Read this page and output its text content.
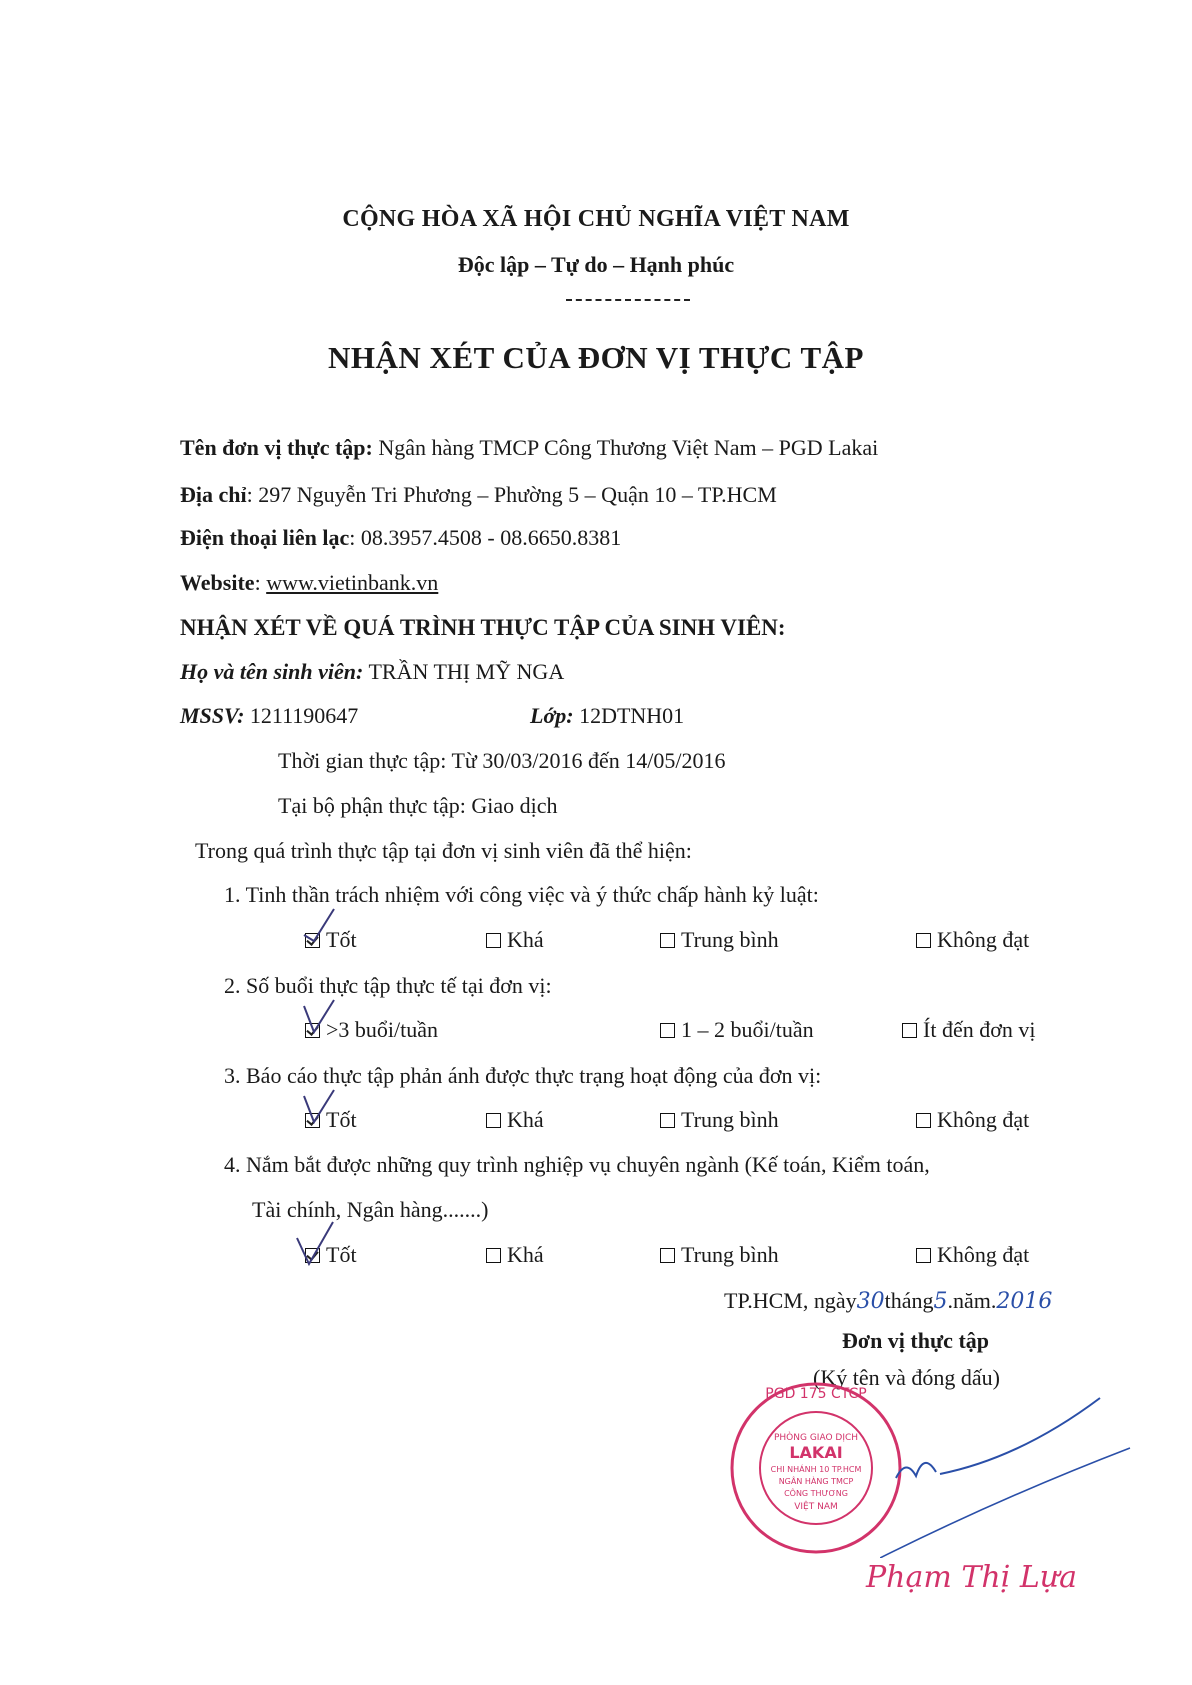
CỘNG HÒA XÃ HỘI CHỦ NGHĨA VIỆT NAM
Độc lập – Tự do – Hạnh phúc
NHẬN XÉT CỦA ĐƠN VỊ THỰC TẬP
Tên đơn vị thực tập: Ngân hàng TMCP Công Thương Việt Nam – PGD Lakai
Địa chỉ: 297 Nguyễn Tri Phương – Phường 5 – Quận 10 – TP.HCM
Điện thoại liên lạc: 08.3957.4508 - 08.6650.8381
Website: www.vietinbank.vn
NHẬN XÉT VỀ QUÁ TRÌNH THỰC TẬP CỦA SINH VIÊN:
Họ và tên sinh viên: TRẦN THỊ MỸ NGA
MSSV: 1211190647	Lớp: 12DTNH01
Thời gian thực tập: Từ 30/03/2016 đến 14/05/2016
Tại bộ phận thực tập: Giao dịch
Trong quá trình thực tập tại đơn vị sinh viên đã thể hiện:
1. Tinh thần trách nhiệm với công việc và ý thức chấp hành kỷ luật:
Tốt	Khá	Trung bình	Không đạt
2. Số buổi thực tập thực tế tại đơn vị:
>3 buổi/tuần	1 – 2 buổi/tuần	Ít đến đơn vị
3. Báo cáo thực tập phản ánh được thực trạng hoạt động của đơn vị:
Tốt	Khá	Trung bình	Không đạt
4. Nắm bắt được những quy trình nghiệp vụ chuyên ngành (Kế toán, Kiểm toán,
Tài chính, Ngân hàng.......)
Tốt	Khá	Trung bình	Không đạt
TP.HCM, ngày30tháng5.năm.2016
Đơn vị thực tập
(Ký tên và đóng dấu)
PGD 175 CTCP
PHÒNG GIAO DỊCH
LAKAI
CHI NHÁNH 10 TP.HCM
NGÂN HÀNG TMCP
CÔNG THƯƠNG
VIỆT NAM
Phạm Thị Lựa
